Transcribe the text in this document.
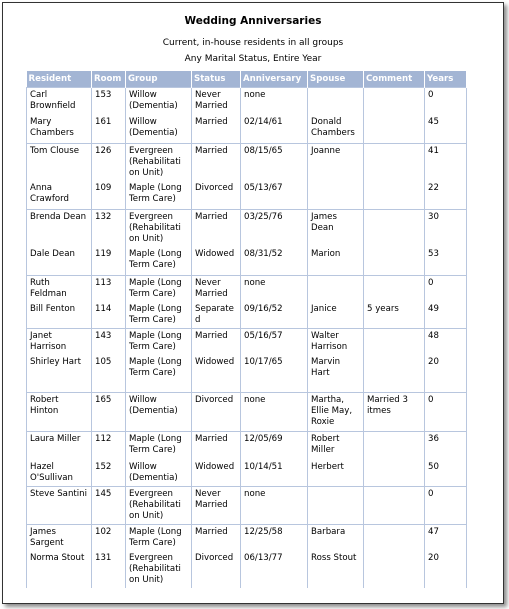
Wedding Anniversaries
Current, in-house residents in all groups
Any Marital Status, Entire Year
Resident	Room	Group	Status	Anniversary	Spouse	Comment	Years
Carl Brownfield	153	Willow (Dementia)	Never Married	none			0
Mary Chambers	161	Willow (Dementia)	Married	02/14/61	Donald Chambers		45
Tom Clouse	126	Evergreen (Rehabilitati on Unit)	Married	08/15/65	Joanne		41
Anna Crawford	109	Maple (Long Term Care)	Divorced	05/13/67			22
Brenda Dean	132	Evergreen (Rehabilitati on Unit)	Married	03/25/76	James Dean		30
Dale Dean	119	Maple (Long Term Care)	Widowed	08/31/52	Marion		53
Ruth Feldman	113	Maple (Long Term Care)	Never Married	none			0
Bill Fenton	114	Maple (Long Term Care)	Separate d	09/16/52	Janice	5 years	49
Janet Harrison	143	Maple (Long Term Care)	Married	05/16/57	Walter Harrison		48
Shirley Hart	105	Maple (Long Term Care)	Widowed	10/17/65	Marvin Hart		20
Robert Hinton	165	Willow (Dementia)	Divorced	none	Martha, Ellie May, Roxie	Married 3 itmes	0
Laura Miller	112	Maple (Long Term Care)	Married	12/05/69	Robert Miller		36
Hazel O'Sullivan	152	Willow (Dementia)	Widowed	10/14/51	Herbert		50
Steve Santini	145	Evergreen (Rehabilitati on Unit)	Never Married	none			0
James Sargent	102	Maple (Long Term Care)	Married	12/25/58	Barbara		47
Norma Stout	131	Evergreen (Rehabilitati on Unit)	Divorced	06/13/77	Ross Stout		20
